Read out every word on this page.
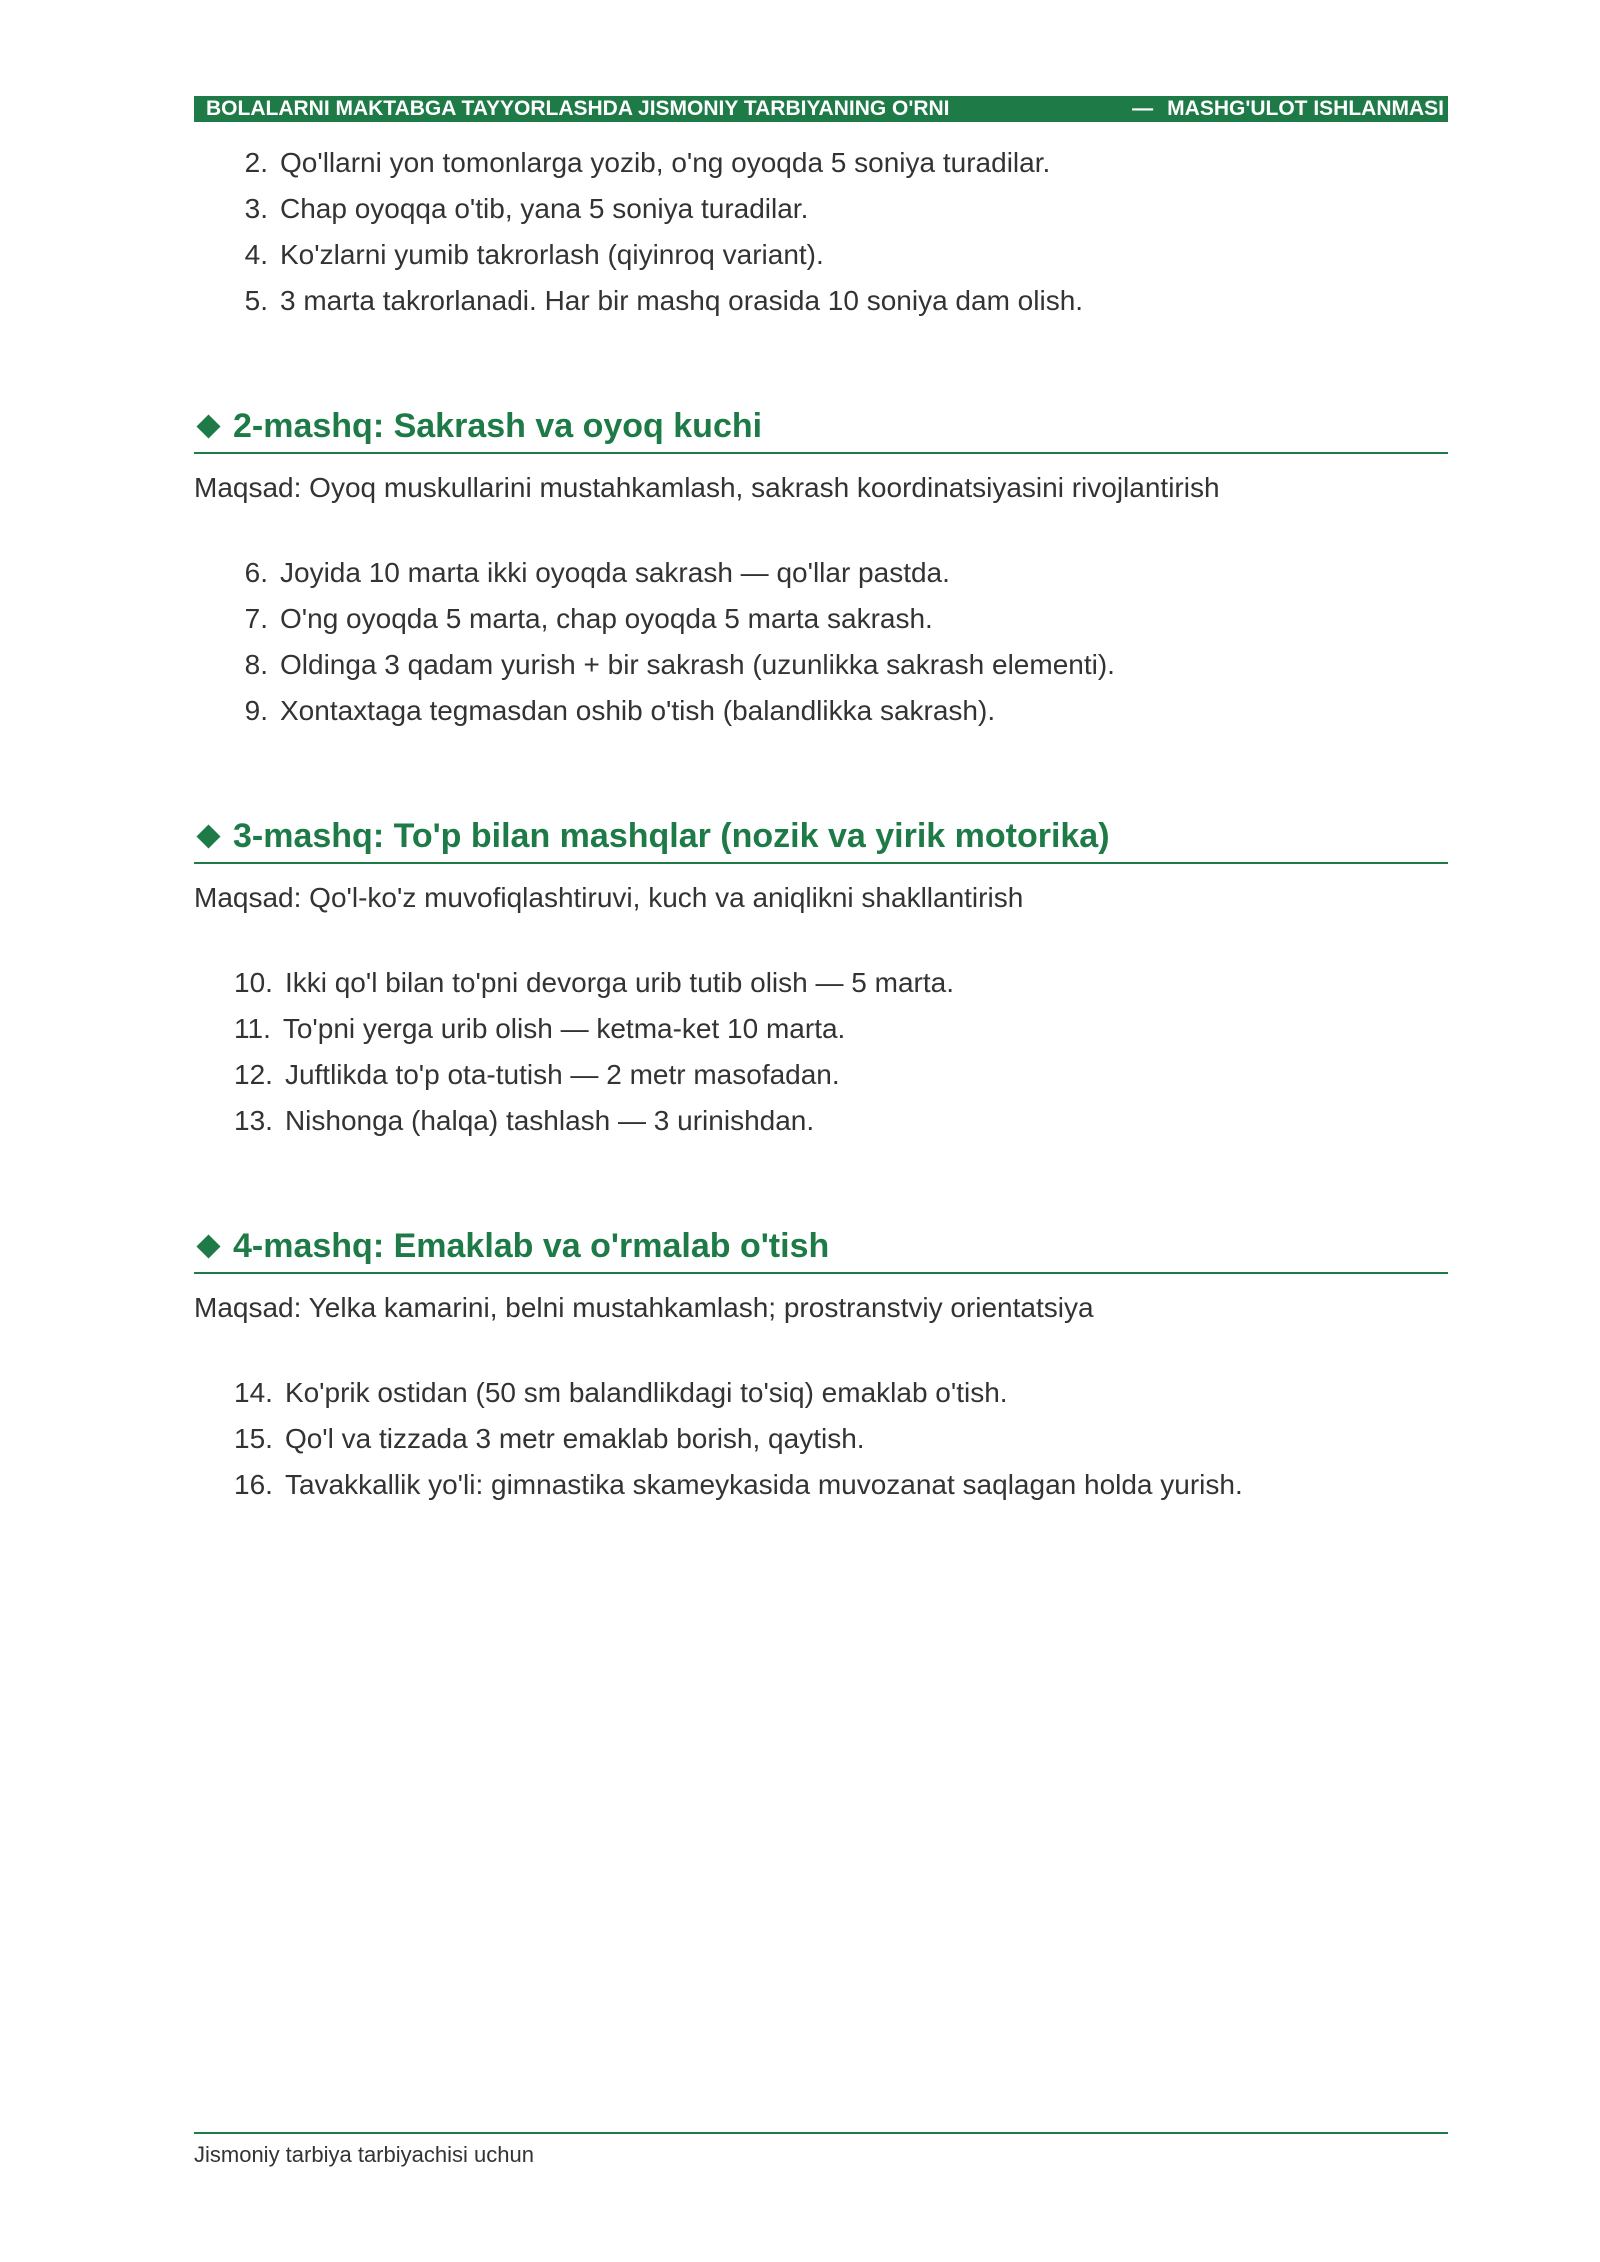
BOLALARNI MAKTABGA TAYYORLASHDA JISMONIY TARBIYANING O'RNI	— MASHG'ULOT ISHLANMASI
2. Qo'llarni yon tomonlarga yozib, o'ng oyoqda 5 soniya turadilar.
3. Chap oyoqqa o'tib, yana 5 soniya turadilar.
4. Ko'zlarni yumib takrorlash (qiyinroq variant).
5. 3 marta takrorlanadi. Har bir mashq orasida 10 soniya dam olish.
2-mashq: Sakrash va oyoq kuchi
Maqsad: Oyoq muskullarini mustahkamlash, sakrash koordinatsiyasini rivojlantirish
6. Joyida 10 marta ikki oyoqda sakrash — qo'llar pastda.
7. O'ng oyoqda 5 marta, chap oyoqda 5 marta sakrash.
8. Oldinga 3 qadam yurish + bir sakrash (uzunlikka sakrash elementi).
9. Xontaxtaga tegmasdan oshib o'tish (balandlikka sakrash).
3-mashq: To'p bilan mashqlar (nozik va yirik motorika)
Maqsad: Qo'l-ko'z muvofiqlashtiruvi, kuch va aniqlikni shakllantirish
10. Ikki qo'l bilan to'pni devorga urib tutib olish — 5 marta.
11. To'pni yerga urib olish — ketma-ket 10 marta.
12. Juftlikda to'p ota-tutish — 2 metr masofadan.
13. Nishonga (halqa) tashlash — 3 urinishdan.
4-mashq: Emaklab va o'rmalab o'tish
Maqsad: Yelka kamarini, belni mustahkamlash; prostranstviy orientatsiya
14. Ko'prik ostidan (50 sm balandlikdagi to'siq) emaklab o'tish.
15. Qo'l va tizzada 3 metr emaklab borish, qaytish.
16. Tavakkallik yo'li: gimnastika skameykasida muvozanat saqlagan holda yurish.
Jismoniy tarbiya tarbiyachisi uchun
